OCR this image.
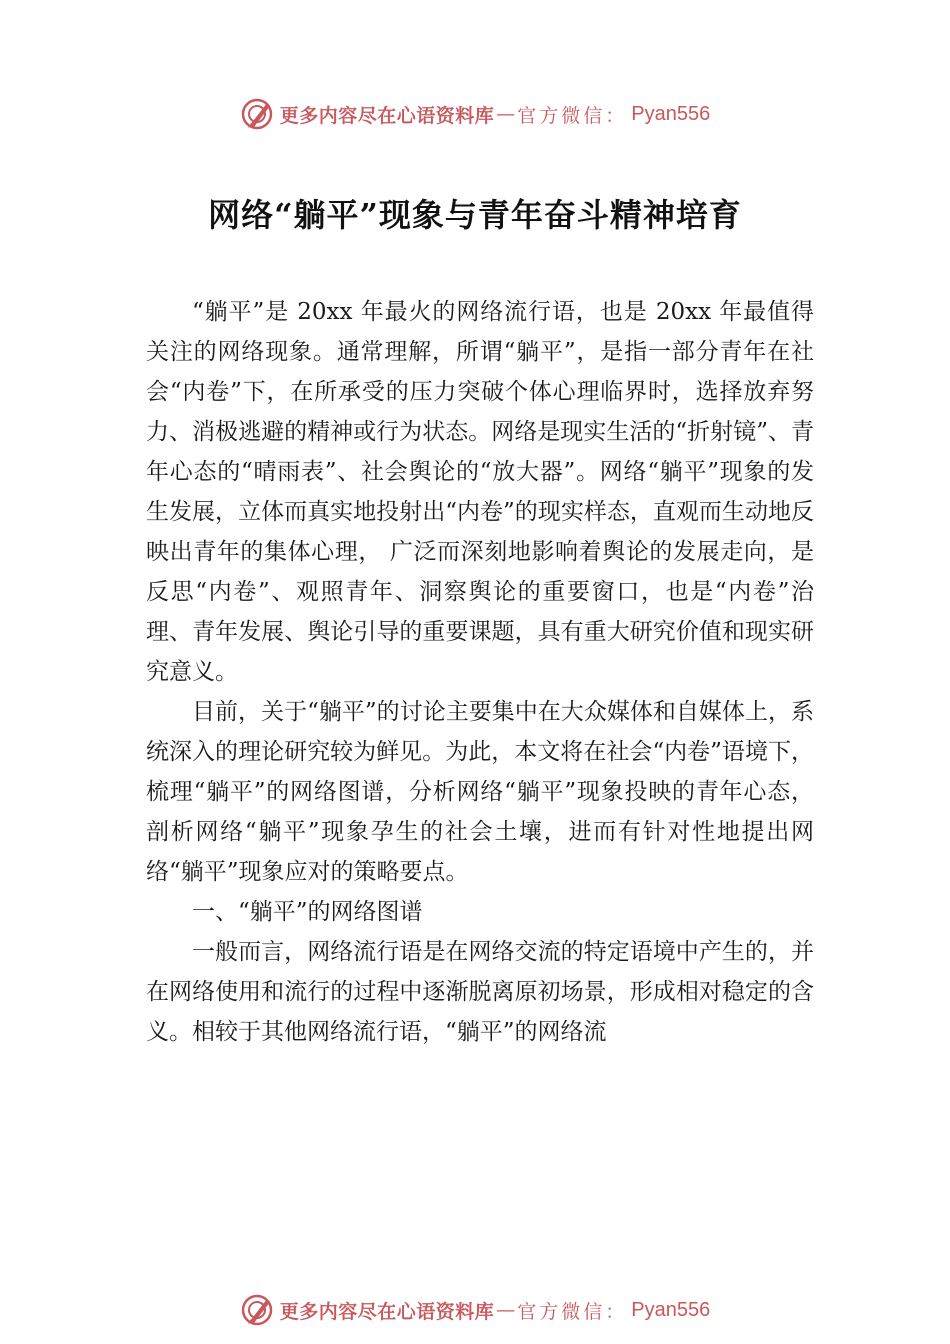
更多内容尽在心语资料库 — 官方微信： Pyan556
网络“躺平”现象与青年奋斗精神培育

“躺平”是 20xx 年最火的网络流行语，也是 20xx 年最值得关注的网络现象。通常理解，所谓“躺平”，是指一部分青年在社会“内卷”下，在所承受的压力突破个体心理临界时，选择放弃努力、消极逃避的精神或行为状态。网络是现实生活的“折射镜”、青年心态的“晴雨表”、社会舆论的“放大器”。网络“躺平”现象的发生发展，立体而真实地投射出“内卷”的现实样态，直观而生动地反映出青年的集体心理， 广泛而深刻地影响着舆论的发展走向，是反思“内卷”、观照青年、洞察舆论的重要窗口，也是“内卷”治理、青年发展、舆论引导的重要课题，具有重大研究价值和现实研究意义。

目前，关于“躺平”的讨论主要集中在大众媒体和自媒体上，系统深入的理论研究较为鲜见。为此，本文将在社会“内卷”语境下，梳理“躺平”的网络图谱，分析网络“躺平”现象投映的青年心态，剖析网络“躺平”现象孕生的社会土壤，进而有针对性地提出网络“躺平”现象应对的策略要点。

一、“躺平”的网络图谱

一般而言，网络流行语是在网络交流的特定语境中产生的，并在网络使用和流行的过程中逐渐脱离原初场景，形成相对稳定的含义。相较于其他网络流行语，“躺平”的网络流

更多内容尽在心语资料库 — 官方微信： Pyan556
